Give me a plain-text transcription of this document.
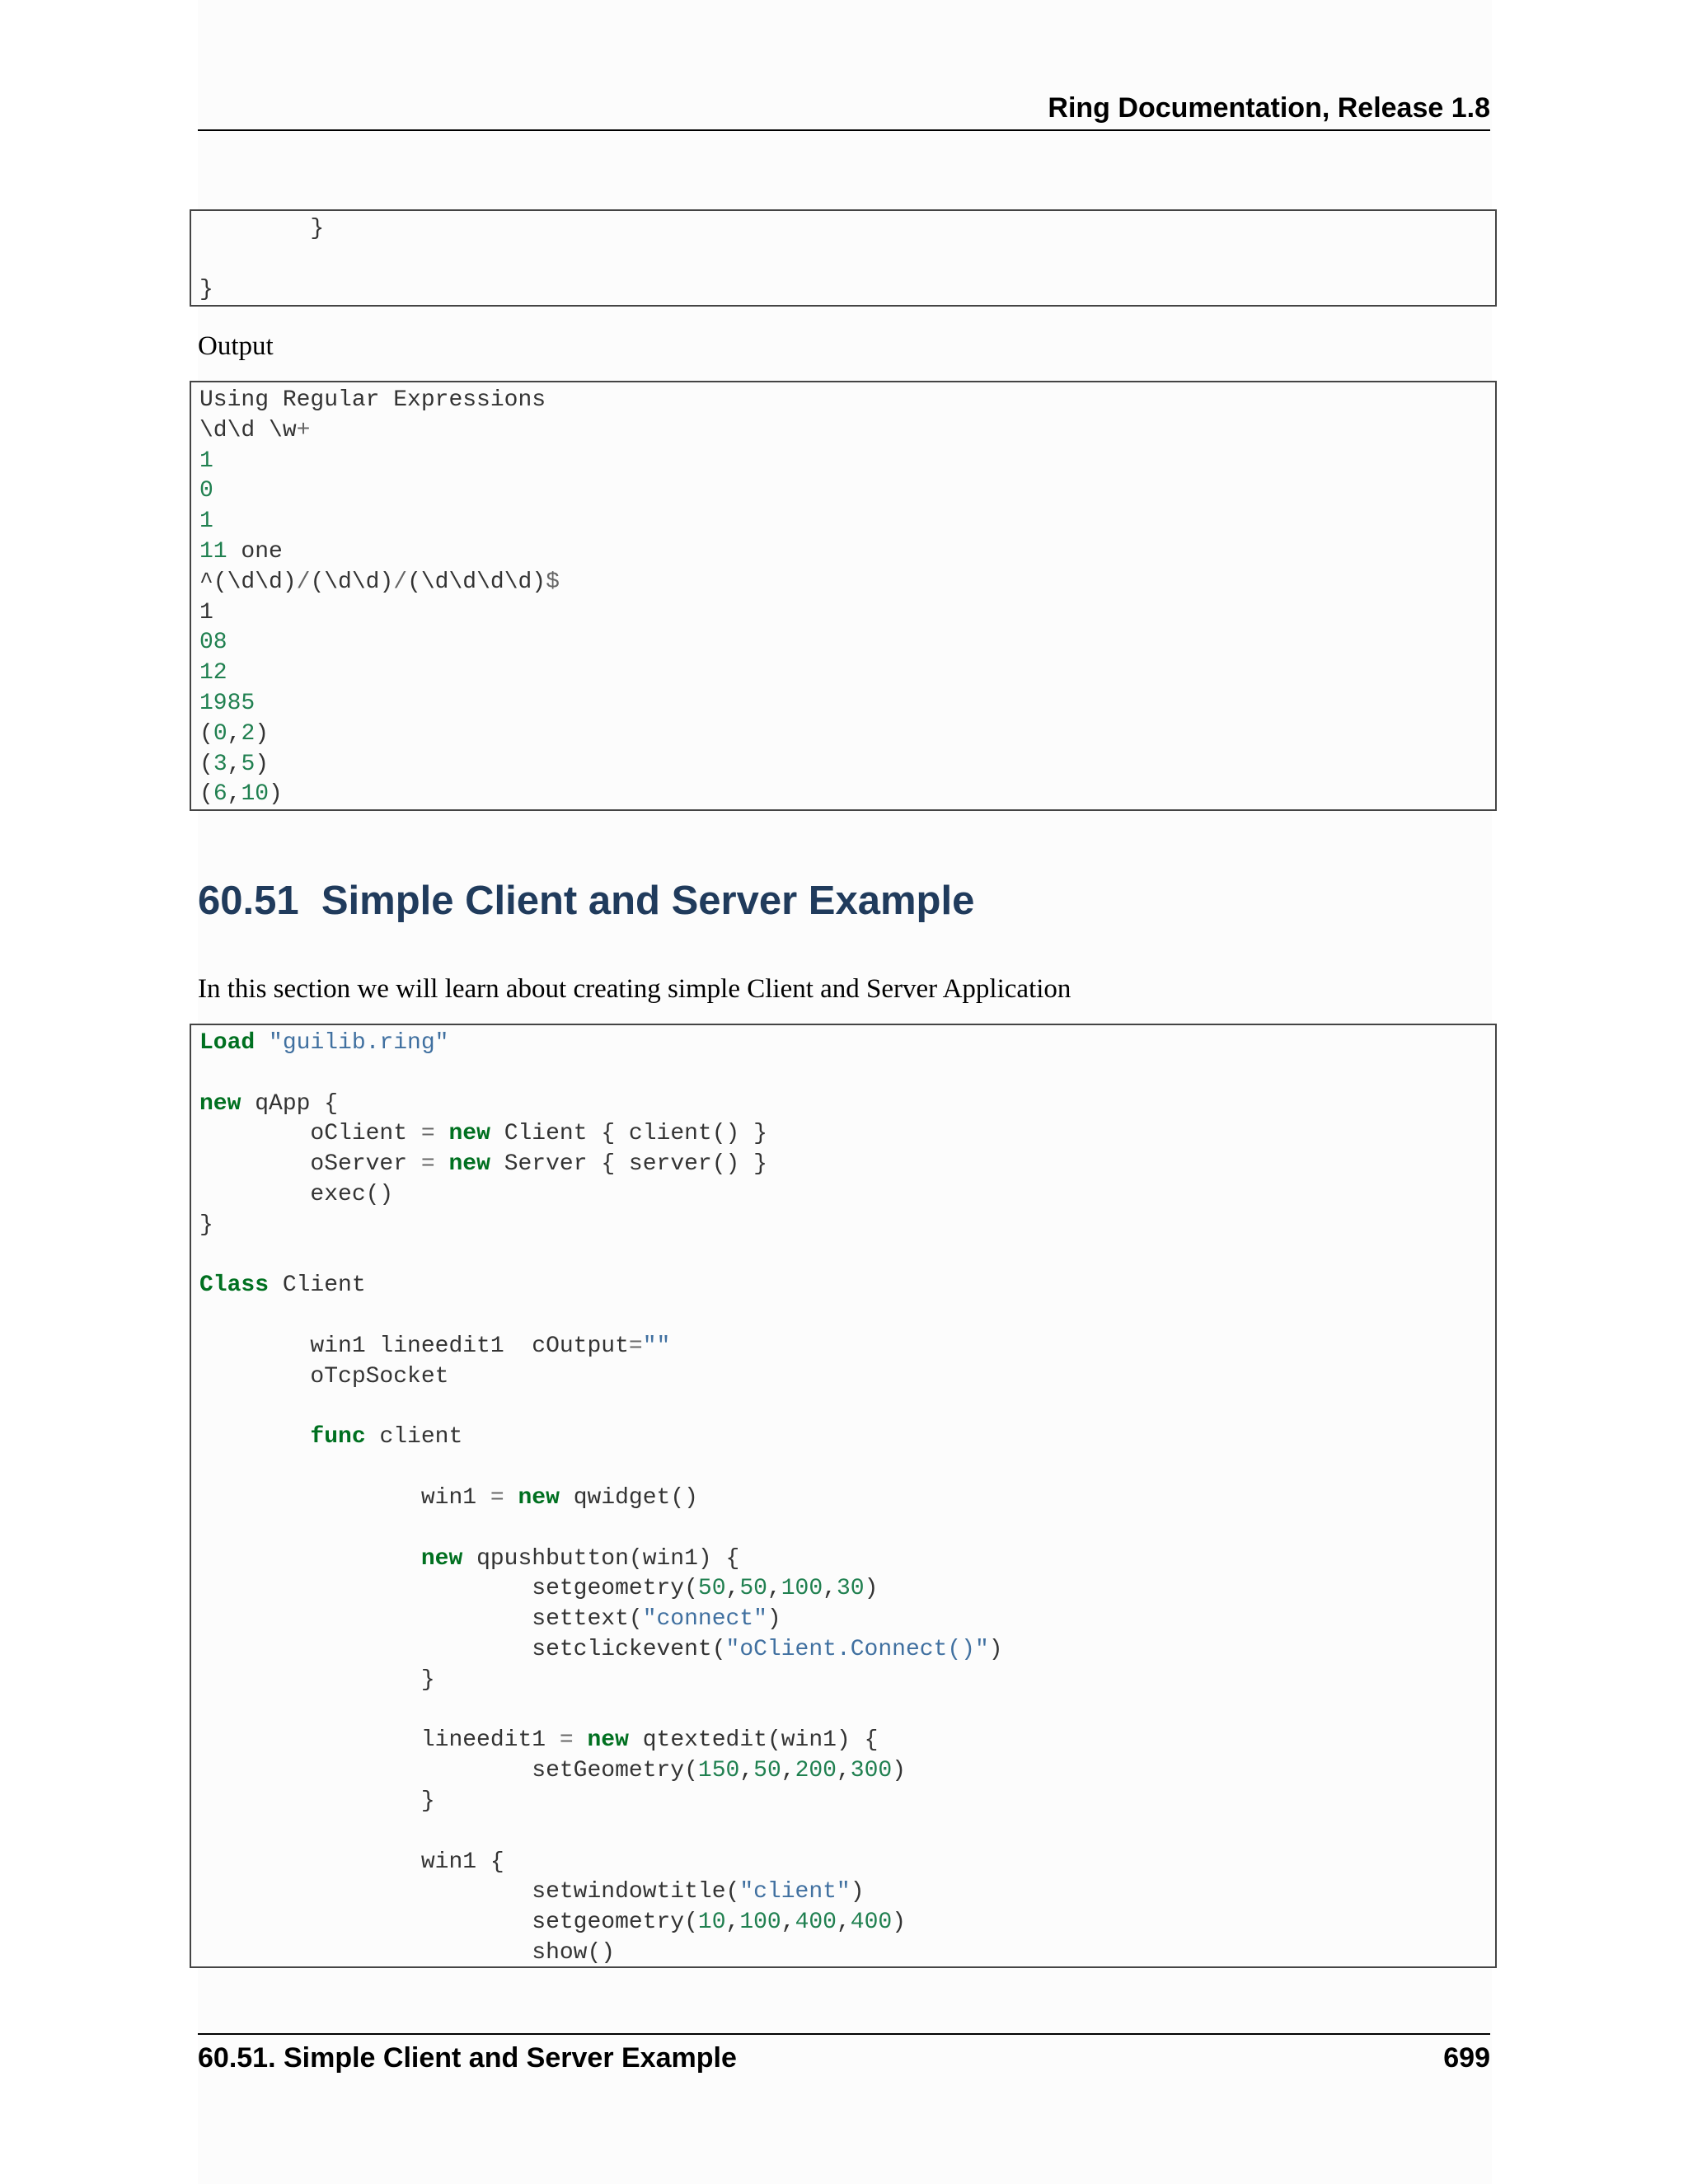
Ring Documentation, Release 1.8
}
}
Output
Using Regular Expressions
\d\d \w+
1
0
1
11 one
^(\d\d)/(\d\d)/(\d\d\d\d)$
1
08
12
1985
(0,2)
(3,5)
(6,10)
60.51 Simple Client and Server Example
In this section we will learn about creating simple Client and Server Application
Load "guilib.ring"
new qApp {
oClient = new Client { client() }
oServer = new Server { server() }
exec()
}
Class Client
win1 lineedit1  cOutput=""
oTcpSocket
func client
win1 = new qwidget()
new qpushbutton(win1) {
setgeometry(50,50,100,30)
settext("connect")
setclickevent("oClient.Connect()")
}
lineedit1 = new qtextedit(win1) {
setGeometry(150,50,200,300)
}
win1 {
setwindowtitle("client")
setgeometry(10,100,400,400)
show()
60.51. Simple Client and Server Example	699
